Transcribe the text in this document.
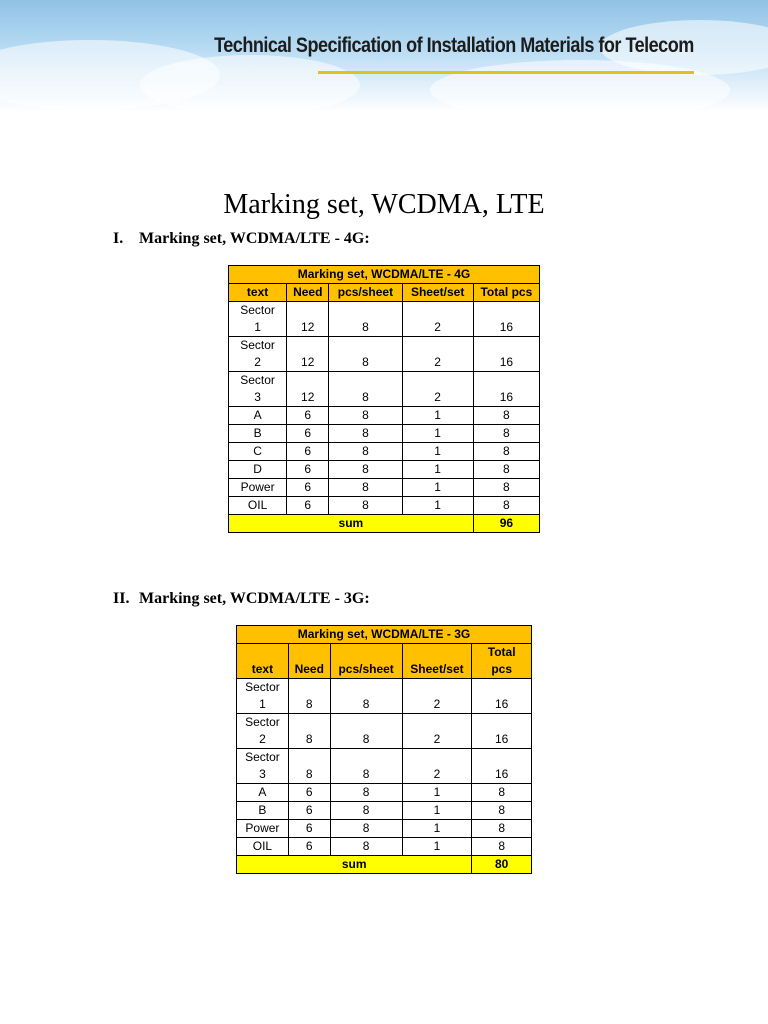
Technical Specification of Installation Materials for Telecom
Marking set, WCDMA, LTE
I. Marking set, WCDMA/LTE - 4G:
Marking set, WCDMA/LTE - 4G				
text	Need	pcs/sheet	Sheet/set	Total pcs
Sector
1	12	8	2	16
Sector
2	12	8	2	16
Sector
3	12	8	2	16
A	6	8	1	8
B	6	8	1	8
C	6	8	1	8
D	6	8	1	8
Power	6	8	1	8
OIL	6	8	1	8
sum				96
II. Marking set, WCDMA/LTE - 3G:
Marking set, WCDMA/LTE - 3G				
text	Need	pcs/sheet	Sheet/set	Total
pcs
Sector
1	8	8	2	16
Sector
2	8	8	2	16
Sector
3	8	8	2	16
A	6	8	1	8
B	6	8	1	8
Power	6	8	1	8
OIL	6	8	1	8
sum				80
